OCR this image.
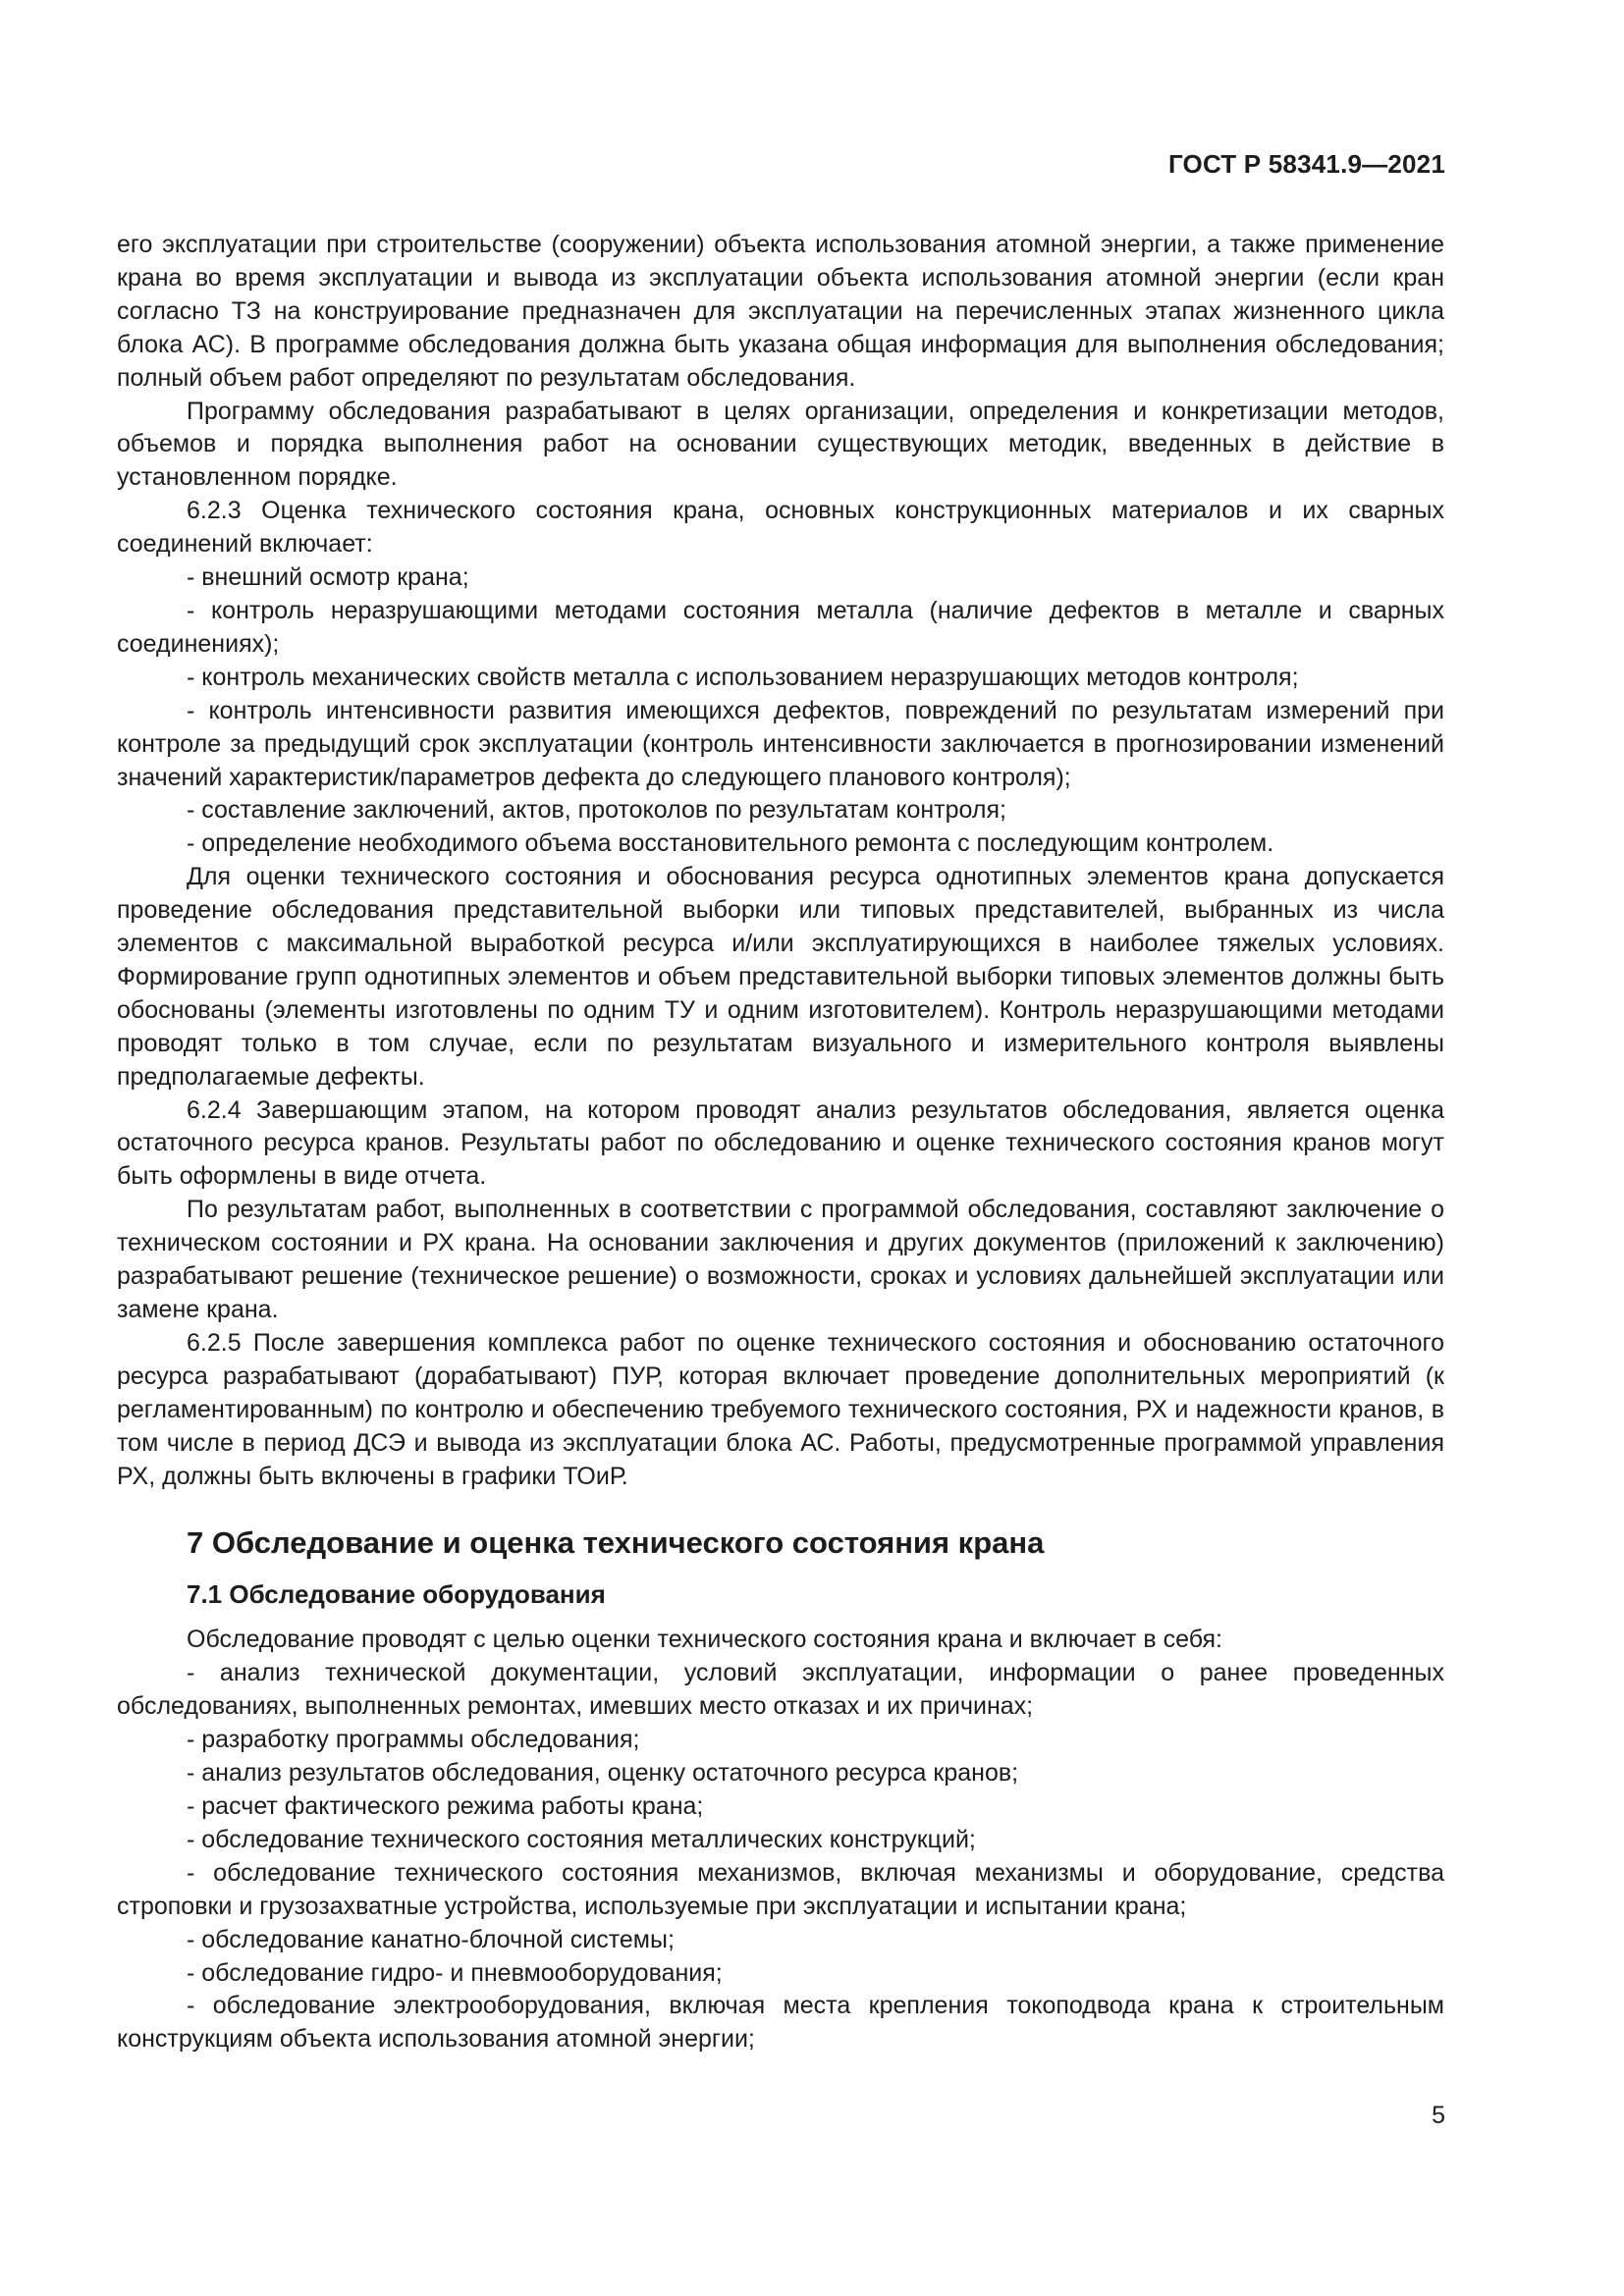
ГОСТ Р 58341.9—2021

его эксплуатации при строительстве (сооружении) объекта использования атомной энергии, а также применение крана во время эксплуатации и вывода из эксплуатации объекта использования атомной энергии (если кран согласно ТЗ на конструирование предназначен для эксплуатации на перечисленных этапах жизненного цикла блока АС). В программе обследования должна быть указана общая информация для выполнения обследования; полный объем работ определяют по результатам обследования.

Программу обследования разрабатывают в целях организации, определения и конкретизации методов, объемов и порядка выполнения работ на основании существующих методик, введенных в действие в установленном порядке.

6.2.3 Оценка технического состояния крана, основных конструкционных материалов и их сварных соединений включает:

- внешний осмотр крана;

- контроль неразрушающими методами состояния металла (наличие дефектов в металле и сварных соединениях);

- контроль механических свойств металла с использованием неразрушающих методов контроля;

- контроль интенсивности развития имеющихся дефектов, повреждений по результатам измерений при контроле за предыдущий срок эксплуатации (контроль интенсивности заключается в прогнозировании изменений значений характеристик/параметров дефекта до следующего планового контроля);

- составление заключений, актов, протоколов по результатам контроля;

- определение необходимого объема восстановительного ремонта с последующим контролем.

Для оценки технического состояния и обоснования ресурса однотипных элементов крана допускается проведение обследования представительной выборки или типовых представителей, выбранных из числа элементов с максимальной выработкой ресурса и/или эксплуатирующихся в наиболее тяжелых условиях. Формирование групп однотипных элементов и объем представительной выборки типовых элементов должны быть обоснованы (элементы изготовлены по одним ТУ и одним изготовителем). Контроль неразрушающими методами проводят только в том случае, если по результатам визуального и измерительного контроля выявлены предполагаемые дефекты.

6.2.4 Завершающим этапом, на котором проводят анализ результатов обследования, является оценка остаточного ресурса кранов. Результаты работ по обследованию и оценке технического состояния кранов могут быть оформлены в виде отчета.

По результатам работ, выполненных в соответствии с программой обследования, составляют заключение о техническом состоянии и РХ крана. На основании заключения и других документов (приложений к заключению) разрабатывают решение (техническое решение) о возможности, сроках и условиях дальнейшей эксплуатации или замене крана.

6.2.5 После завершения комплекса работ по оценке технического состояния и обоснованию остаточного ресурса разрабатывают (дорабатывают) ПУР, которая включает проведение дополнительных мероприятий (к регламентированным) по контролю и обеспечению требуемого технического состояния, РХ и надежности кранов, в том числе в период ДСЭ и вывода из эксплуатации блока АС. Работы, предусмотренные программой управления РХ, должны быть включены в графики ТОиР.

7 Обследование и оценка технического состояния крана
7.1 Обследование оборудования

Обследование проводят с целью оценки технического состояния крана и включает в себя:

- анализ технической документации, условий эксплуатации, информации о ранее проведенных обследованиях, выполненных ремонтах, имевших место отказах и их причинах;

- разработку программы обследования;

- анализ результатов обследования, оценку остаточного ресурса кранов;

- расчет фактического режима работы крана;

- обследование технического состояния металлических конструкций;

- обследование технического состояния механизмов, включая механизмы и оборудование, средства строповки и грузозахватные устройства, используемые при эксплуатации и испытании крана;

- обследование канатно-блочной системы;

- обследование гидро- и пневмооборудования;

- обследование электрооборудования, включая места крепления токоподвода крана к строительным конструкциям объекта использования атомной энергии;

5
